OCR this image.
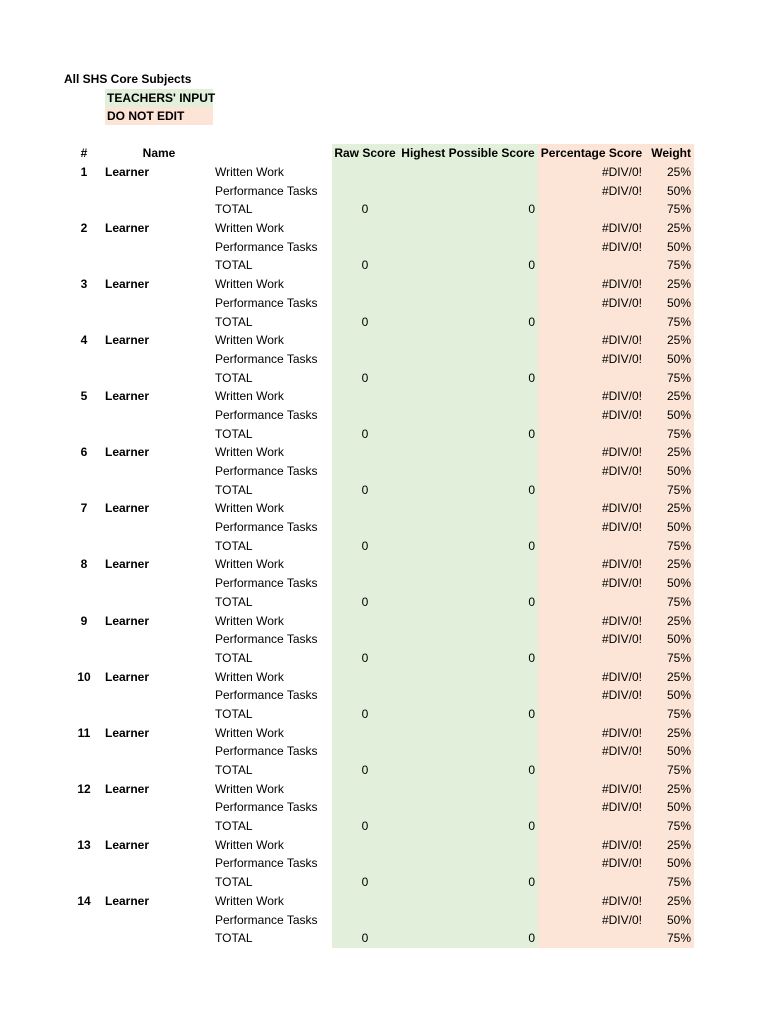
All SHS Core Subjects
TEACHERS' INPUT
DO NOT EDIT
#	Name		Raw Score	Highest Possible Score	Percentage Score	Weight
1	Learner	Written Work			#DIV/0!	25%
		Performance Tasks			#DIV/0!	50%
		TOTAL	0	0		75%
2	Learner	Written Work			#DIV/0!	25%
		Performance Tasks			#DIV/0!	50%
		TOTAL	0	0		75%
3	Learner	Written Work			#DIV/0!	25%
		Performance Tasks			#DIV/0!	50%
		TOTAL	0	0		75%
4	Learner	Written Work			#DIV/0!	25%
		Performance Tasks			#DIV/0!	50%
		TOTAL	0	0		75%
5	Learner	Written Work			#DIV/0!	25%
		Performance Tasks			#DIV/0!	50%
		TOTAL	0	0		75%
6	Learner	Written Work			#DIV/0!	25%
		Performance Tasks			#DIV/0!	50%
		TOTAL	0	0		75%
7	Learner	Written Work			#DIV/0!	25%
		Performance Tasks			#DIV/0!	50%
		TOTAL	0	0		75%
8	Learner	Written Work			#DIV/0!	25%
		Performance Tasks			#DIV/0!	50%
		TOTAL	0	0		75%
9	Learner	Written Work			#DIV/0!	25%
		Performance Tasks			#DIV/0!	50%
		TOTAL	0	0		75%
10	Learner	Written Work			#DIV/0!	25%
		Performance Tasks			#DIV/0!	50%
		TOTAL	0	0		75%
11	Learner	Written Work			#DIV/0!	25%
		Performance Tasks			#DIV/0!	50%
		TOTAL	0	0		75%
12	Learner	Written Work			#DIV/0!	25%
		Performance Tasks			#DIV/0!	50%
		TOTAL	0	0		75%
13	Learner	Written Work			#DIV/0!	25%
		Performance Tasks			#DIV/0!	50%
		TOTAL	0	0		75%
14	Learner	Written Work			#DIV/0!	25%
		Performance Tasks			#DIV/0!	50%
		TOTAL	0	0		75%
